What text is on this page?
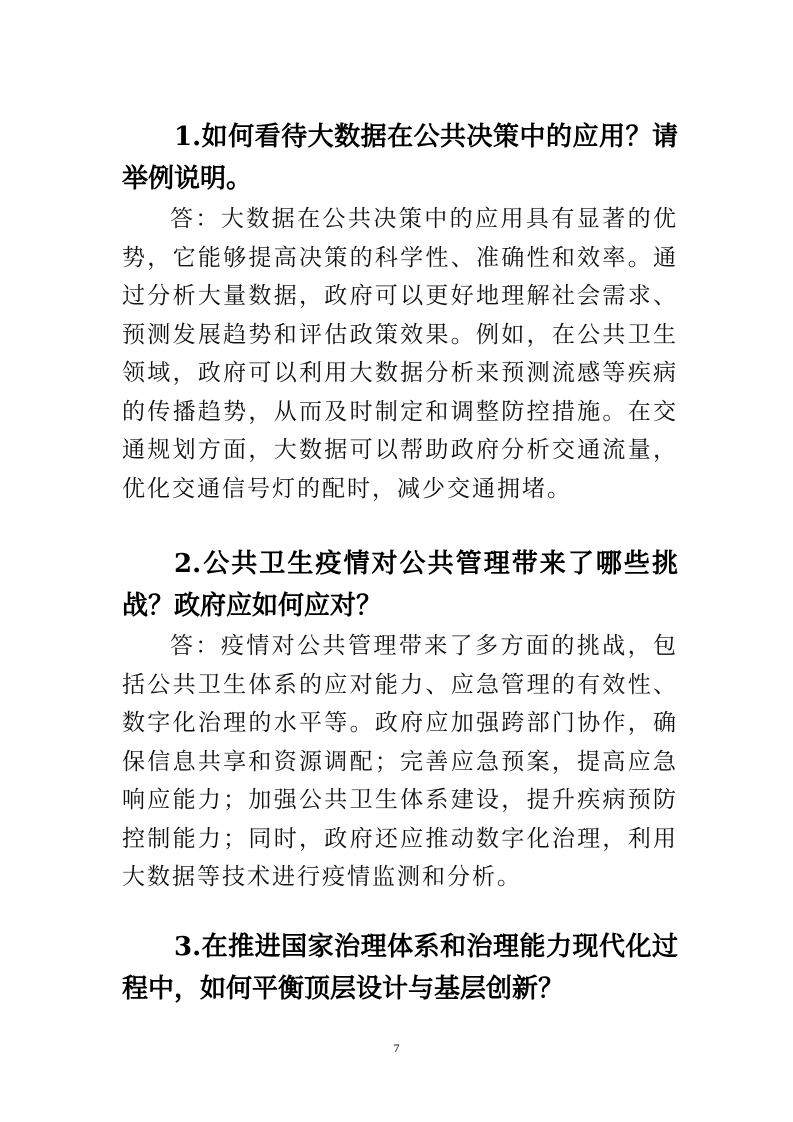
1.如何看待大数据在公共决策中的应用？请举例说明。

答：大数据在公共决策中的应用具有显著的优势，它能够提高决策的科学性、准确性和效率。通过分析大量数据，政府可以更好地理解社会需求、预测发展趋势和评估政策效果。例如，在公共卫生领域，政府可以利用大数据分析来预测流感等疾病的传播趋势，从而及时制定和调整防控措施。在交通规划方面，大数据可以帮助政府分析交通流量，优化交通信号灯的配时，减少交通拥堵。

2.公共卫生疫情对公共管理带来了哪些挑战？政府应如何应对？

答：疫情对公共管理带来了多方面的挑战，包括公共卫生体系的应对能力、应急管理的有效性、数字化治理的水平等。政府应加强跨部门协作，确保信息共享和资源调配；完善应急预案，提高应急响应能力；加强公共卫生体系建设，提升疾病预防控制能力；同时，政府还应推动数字化治理，利用大数据等技术进行疫情监测和分析。

3.在推进国家治理体系和治理能力现代化过程中，如何平衡顶层设计与基层创新？

7
